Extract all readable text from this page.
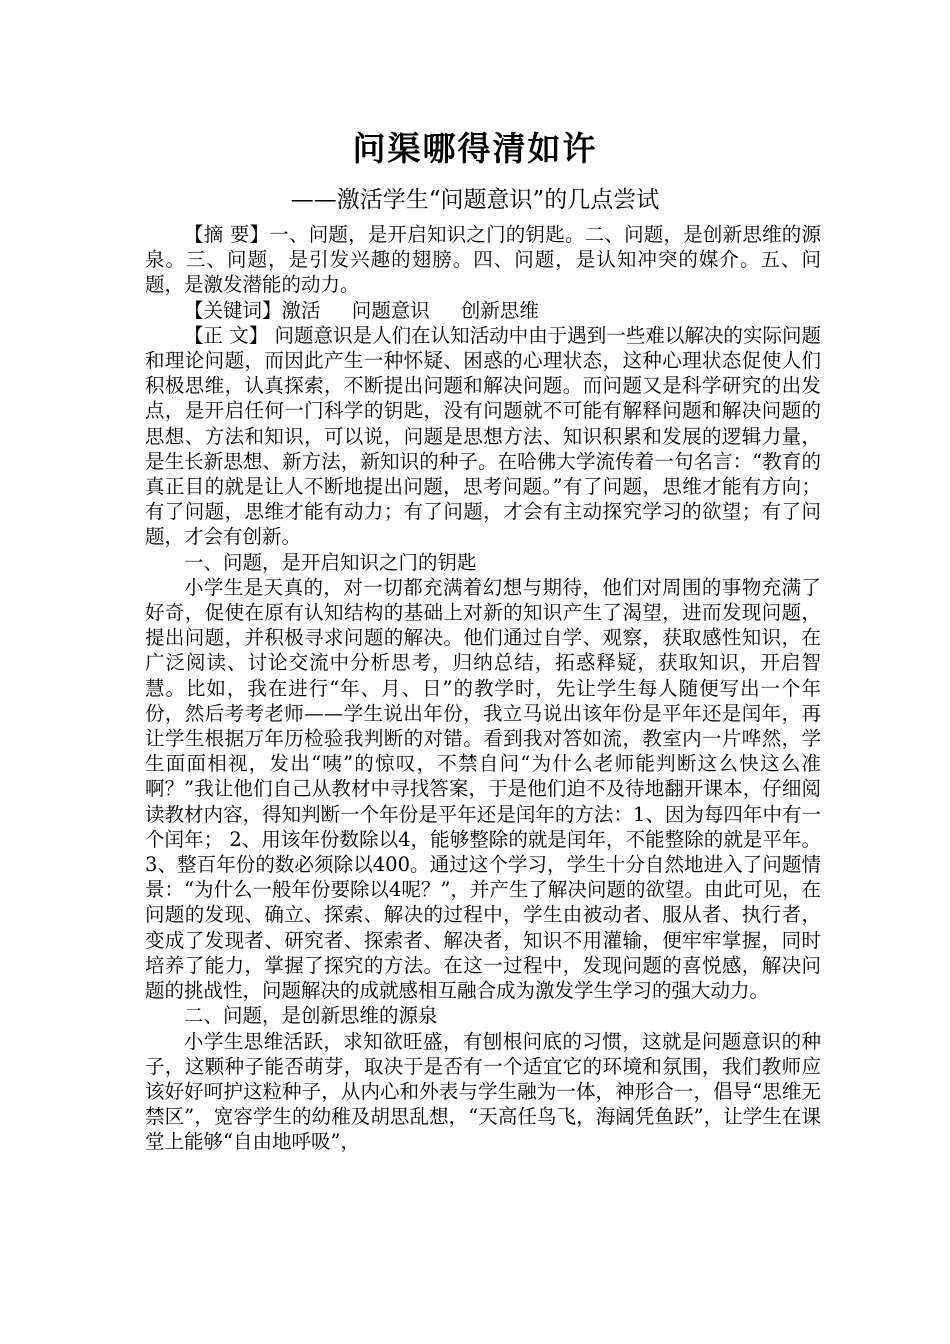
问渠哪得清如许
——激活学生“问题意识”的几点尝试

【摘 要】一、问题，是开启知识之门的钥匙。二、问题，是创新思维的源泉。三、问题，是引发兴趣的翅膀。四、问题，是认知冲突的媒介。五、问题，是激发潜能的动力。

【关键词】激活 问题意识 创新思维

【正 文】 问题意识是人们在认知活动中由于遇到一些难以解决的实际问题和理论问题，而因此产生一种怀疑、困惑的心理状态，这种心理状态促使人们积极思维，认真探索，不断提出问题和解决问题。而问题又是科学研究的出发点，是开启任何一门科学的钥匙，没有问题就不可能有解释问题和解决问题的思想、方法和知识，可以说，问题是思想方法、知识积累和发展的逻辑力量，是生长新思想、新方法，新知识的种子。在哈佛大学流传着一句名言：“教育的真正目的就是让人不断地提出问题，思考问题。”有了问题，思维才能有方向；有了问题，思维才能有动力；有了问题，才会有主动探究学习的欲望；有了问题，才会有创新。

一、问题，是开启知识之门的钥匙

小学生是天真的，对一切都充满着幻想与期待，他们对周围的事物充满了好奇，促使在原有认知结构的基础上对新的知识产生了渴望，进而发现问题，提出问题，并积极寻求问题的解决。他们通过自学、观察，获取感性知识，在广泛阅读、讨论交流中分析思考，归纳总结，拓惑释疑，获取知识，开启智慧。比如，我在进行“年、月、日”的教学时，先让学生每人随便写出一个年份，然后考考老师——学生说出年份，我立马说出该年份是平年还是闰年，再让学生根据万年历检验我判断的对错。看到我对答如流，教室内一片哗然，学生面面相视，发出“咦”的惊叹，不禁自问“为什么老师能判断这么快这么准啊？”我让他们自己从教材中寻找答案，于是他们迫不及待地翻开课本，仔细阅读教材内容，得知判断一个年份是平年还是闰年的方法：1、因为每四年中有一个闰年； 2、用该年份数除以4，能够整除的就是闰年，不能整除的就是平年。3、整百年份的数必须除以400。通过这个学习，学生十分自然地进入了问题情景：“为什么一般年份要除以4呢？”，并产生了解决问题的欲望。由此可见，在问题的发现、确立、探索、解决的过程中，学生由被动者、服从者、执行者，变成了发现者、研究者、探索者、解决者，知识不用灌输，便牢牢掌握，同时培养了能力，掌握了探究的方法。在这一过程中，发现问题的喜悦感，解决问题的挑战性，问题解决的成就感相互融合成为激发学生学习的强大动力。

二、问题，是创新思维的源泉

小学生思维活跃，求知欲旺盛，有刨根问底的习惯，这就是问题意识的种子，这颗种子能否萌芽，取决于是否有一个适宜它的环境和氛围，我们教师应该好好呵护这粒种子，从内心和外表与学生融为一体，神形合一，倡导“思维无禁区”，宽容学生的幼稚及胡思乱想，“天高任鸟飞，海阔凭鱼跃”，让学生在课堂上能够“自由地呼吸”，
